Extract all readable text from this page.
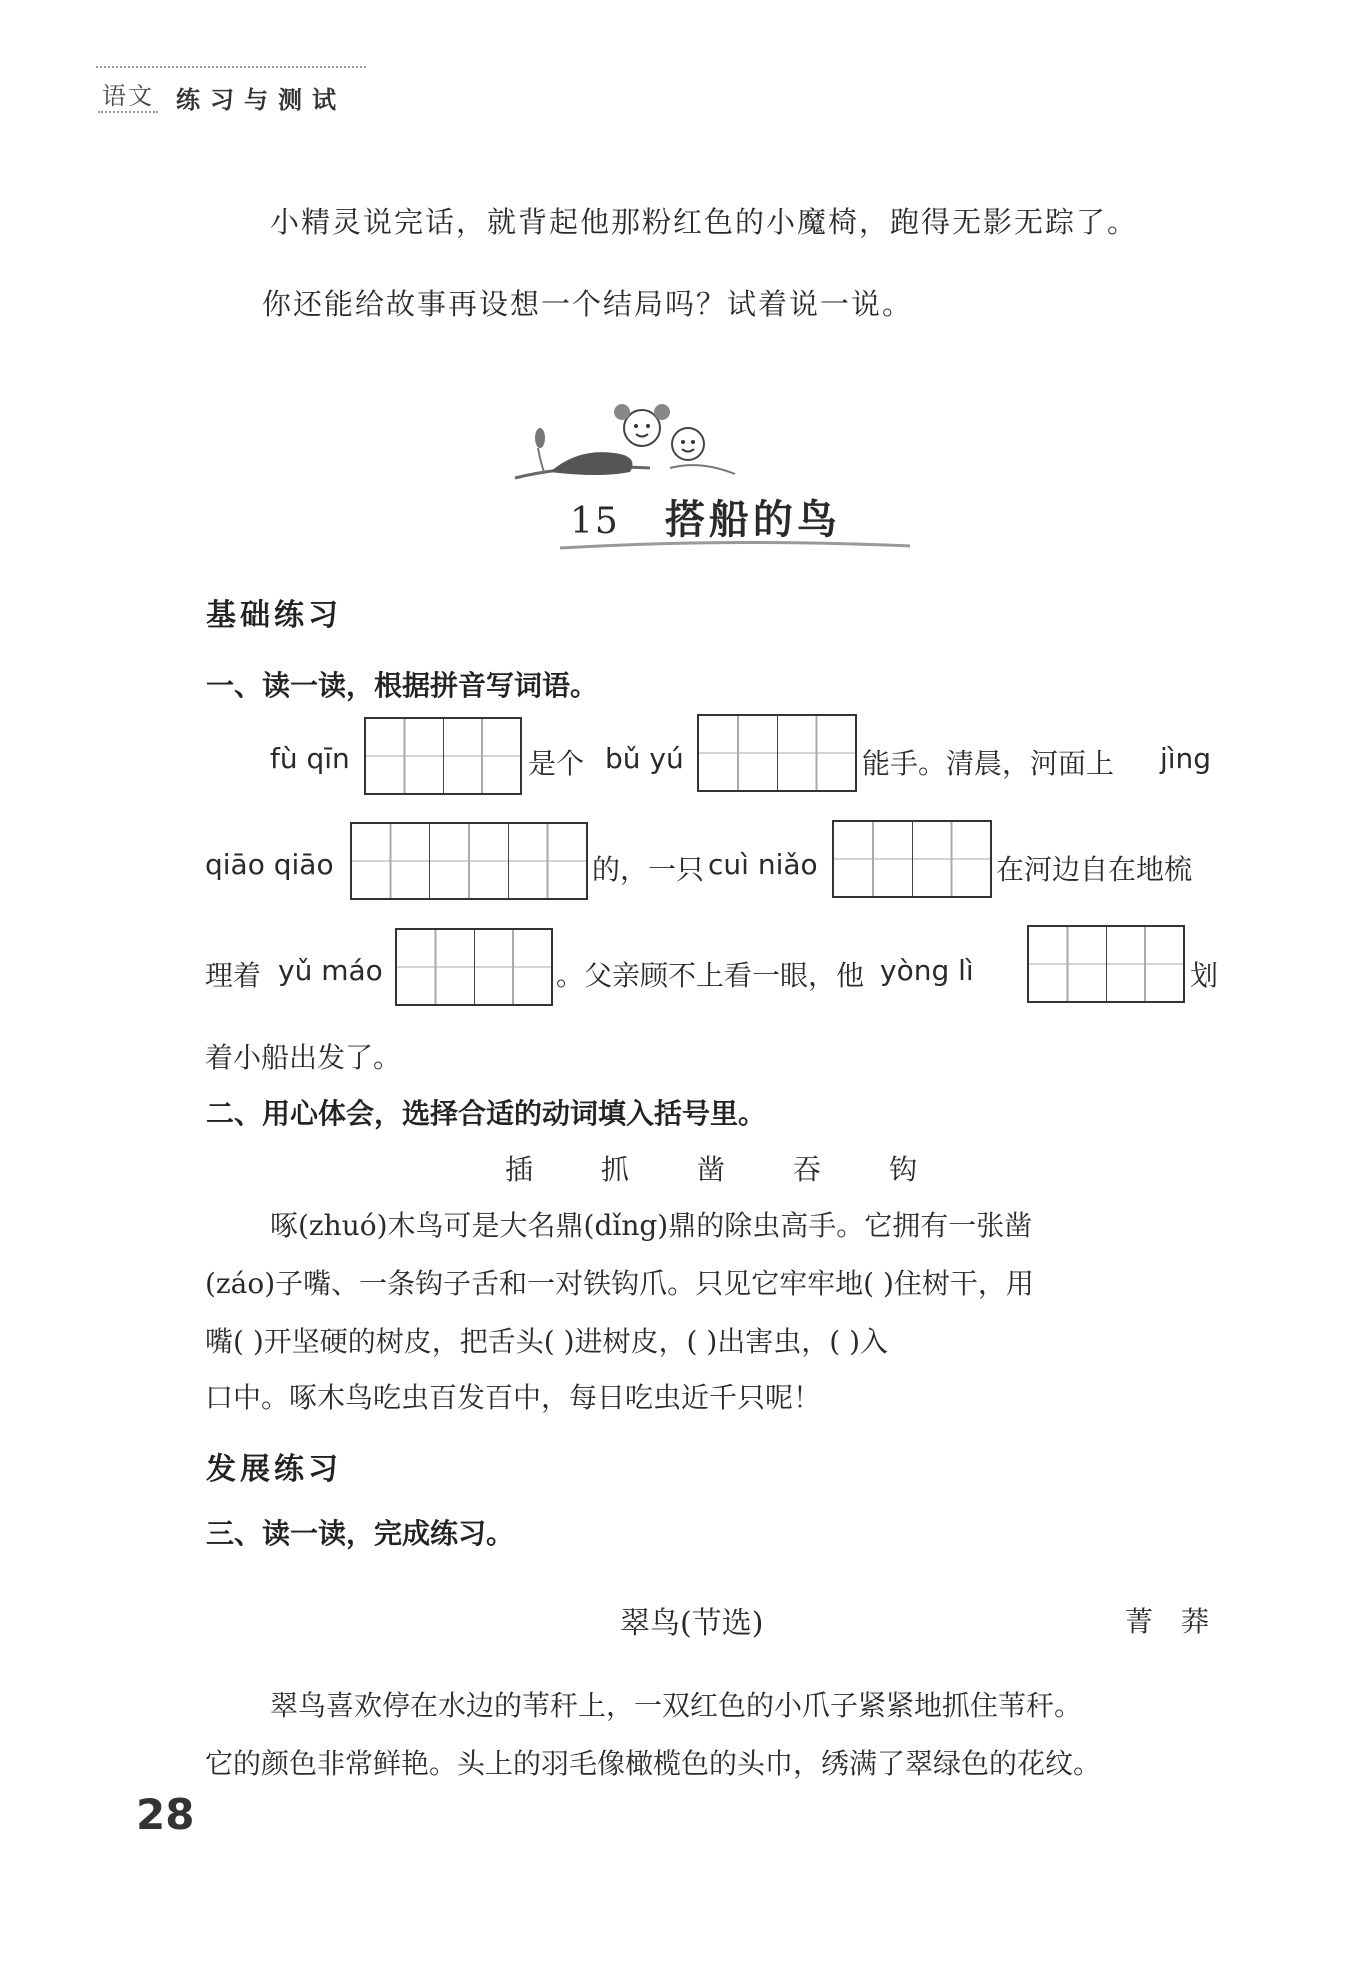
语文 练习与测试
小精灵说完话，就背起他那粉红色的小魔椅，跑得无影无踪了。
你还能给故事再设想一个结局吗？试着说一说。
15 搭船的鸟
基础练习
一、读一读，根据拼音写词语。
fù qīn	是个 bǔ yú	能手。清晨，河面上 jìng
qiāo qiāo	的，一只 cuì niǎo	在河边自在地梳
理着 yǔ máo	。父亲顾不上看一眼，他 yòng lì	划
着小船出发了。
二、用心体会，选择合适的动词填入括号里。
插 抓 凿 吞 钩
啄(zhuó)木鸟可是大名鼎(dǐng)鼎的除虫高手。它拥有一张凿
(záo)子嘴、一条钩子舌和一对铁钩爪。只见它牢牢地( )住树干，用
嘴( )开坚硬的树皮，把舌头( )进树皮，( )出害虫，( )入
口中。啄木鸟吃虫百发百中，每日吃虫近千只呢！
发展练习
三、读一读，完成练习。
翠鸟(节选)	菁　莽
翠鸟喜欢停在水边的苇秆上，一双红色的小爪子紧紧地抓住苇秆。
它的颜色非常鲜艳。头上的羽毛像橄榄色的头巾，绣满了翠绿色的花纹。
28
